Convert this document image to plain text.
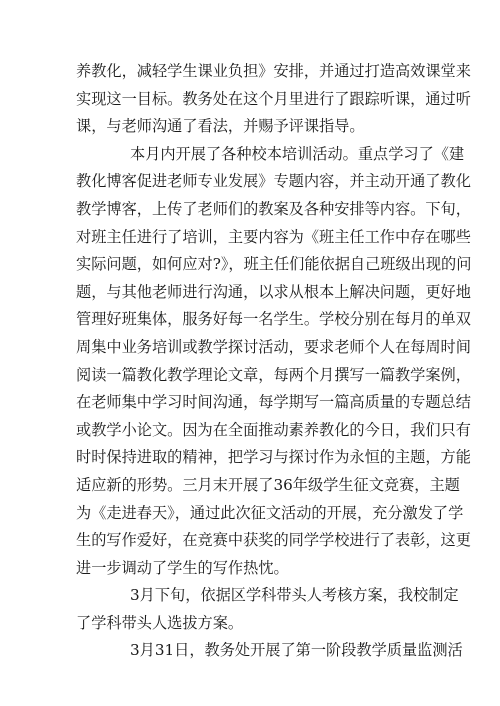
养教化，减轻学生课业负担》安排，并通过打造高效课堂来
实现这一目标。教务处在这个月里进行了跟踪听课，通过听
课，与老师沟通了看法，并赐予评课指导。
本月内开展了各种校本培训活动。重点学习了《建
教化博客促进老师专业发展》专题内容，并主动开通了教化
教学博客，上传了老师们的教案及各种安排等内容。下旬，
对班主任进行了培训，主要内容为《班主任工作中存在哪些
实际问题，如何应对?》，班主任们能依据自己班级出现的问
题，与其他老师进行沟通，以求从根本上解决问题，更好地
管理好班集体，服务好每一名学生。学校分别在每月的单双
周集中业务培训或教学探讨活动，要求老师个人在每周时间
阅读一篇教化教学理论文章，每两个月撰写一篇教学案例，
在老师集中学习时间沟通，每学期写一篇高质量的专题总结
或教学小论文。因为在全面推动素养教化的今日，我们只有
时时保持进取的精神，把学习与探讨作为永恒的主题，方能
适应新的形势。三月末开展了36年级学生征文竞赛，主题
为《走进春天》，通过此次征文活动的开展，充分激发了学
生的写作爱好，在竞赛中获奖的同学学校进行了表彰，这更
进一步调动了学生的写作热忱。
3月下旬，依据区学科带头人考核方案，我校制定
了学科带头人选拔方案。
3月31日，教务处开展了第一阶段教学质量监测活
